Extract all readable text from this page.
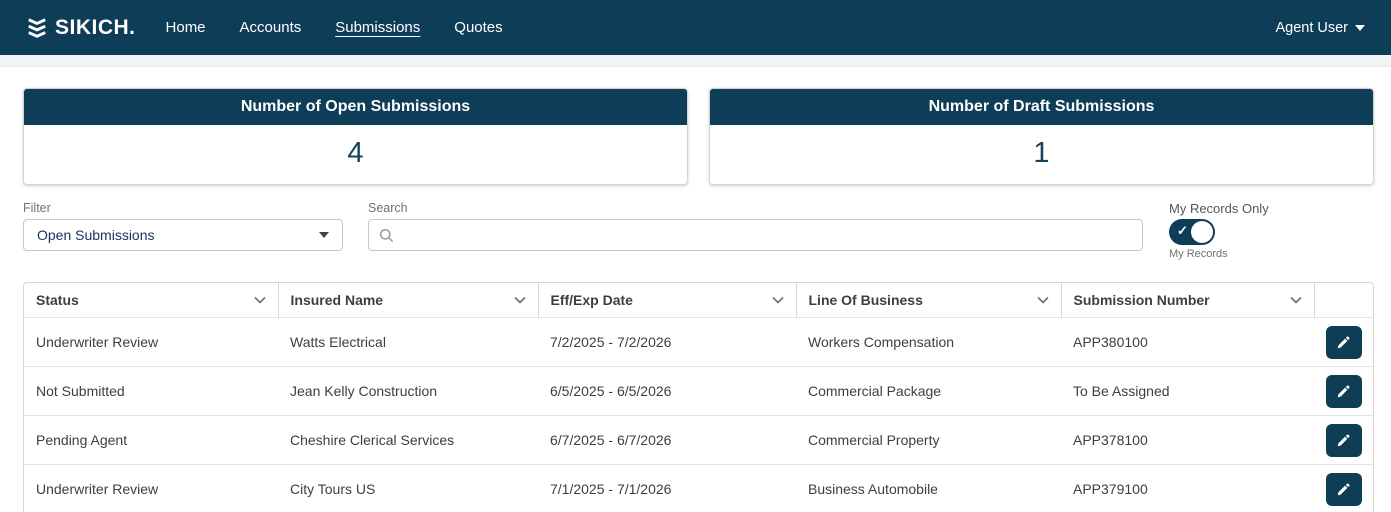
SIKICH. Home Accounts Submissions Quotes	Agent User
Number of Open Submissions
4
Number of Draft Submissions
1
Filter
Open Submissions
Search	My Records Only
✓
My Records
Status	Insured Name	Eff/Exp Date	Line Of Business	Submission Number	

Underwriter Review	Watts Electrical	7/2/2025 - 7/2/2026	Workers Compensation	APP380100	

Not Submitted	Jean Kelly Construction	6/5/2025 - 6/5/2026	Commercial Package	To Be Assigned	

Pending Agent	Cheshire Clerical Services	6/7/2025 - 6/7/2026	Commercial Property	APP378100	

Underwriter Review	City Tours US	7/1/2025 - 7/1/2026	Business Automobile	APP379100	
